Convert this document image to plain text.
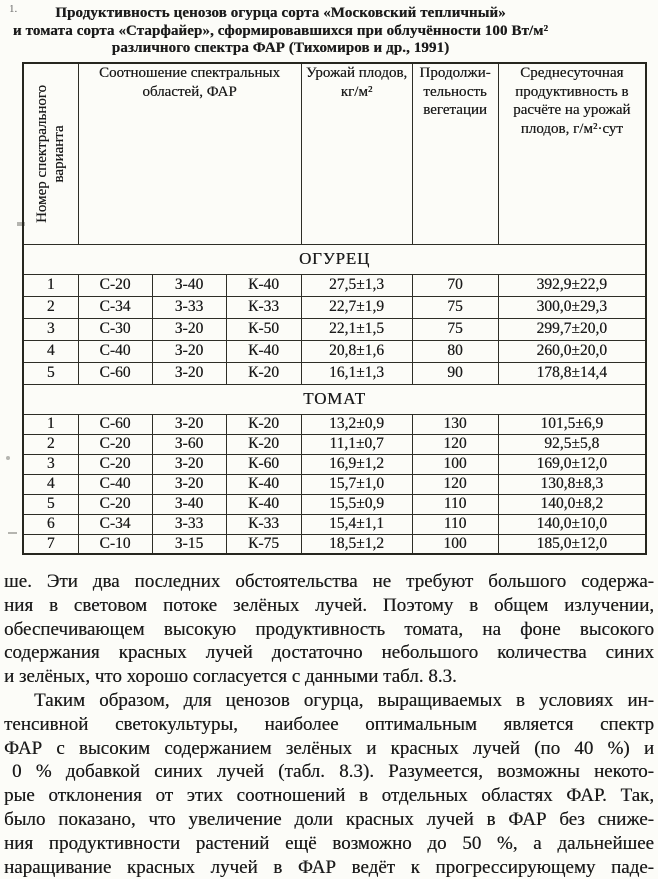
1.	Продуктивность ценозов огурца сорта «Московский тепличный»
и томата сорта «Старфайер», сформировавшихся при облучённости 100 Вт/м²
различного спектра ФАР (Тихомиров и др., 1991)
Номер спектрального варианта	Соотношение спектральных областей, ФАР			Урожай плодов, кг/м²	Продолжи-тельность вегетации	Среднесуточная продуктивность в расчёте на урожай плодов, г/м²·сут
ОГУРЕЦ						
1	С-20	З-40	К-40	27,5±1,3	70	392,9±22,9
2	С-34	З-33	К-33	22,7±1,9	75	300,0±29,3
3	С-30	З-20	К-50	22,1±1,5	75	299,7±20,0
4	С-40	З-20	К-40	20,8±1,6	80	260,0±20,0
5	С-60	З-20	К-20	16,1±1,3	90	178,8±14,4
ТОМАТ						
1	С-60	З-20	К-20	13,2±0,9	130	101,5±6,9
2	С-20	З-60	К-20	11,1±0,7	120	92,5±5,8
3	С-20	З-20	К-60	16,9±1,2	100	169,0±12,0
4	С-40	З-20	К-40	15,7±1,0	120	130,8±8,3
5	С-20	З-40	К-40	15,5±0,9	110	140,0±8,2
6	С-34	З-33	К-33	15,4±1,1	110	140,0±10,0
7	С-10	З-15	К-75	18,5±1,2	100	185,0±12,0
ше. Эти два последних обстоятельства не требуют большого содержа-
ния в световом потоке зелёных лучей. Поэтому в общем излучении,
обеспечивающем высокую продуктивность томата, на фоне высокого
содержания красных лучей достаточно небольшого количества синих
и зелёных, что хорошо согласуется с данными табл. 8.3.
Таким образом, для ценозов огурца, выращиваемых в условиях ин-
тенсивной светокультуры, наиболее оптимальным является спектр
ФАР с высоким содержанием зелёных и красных лучей (по 40 %) и
0 % добавкой синих лучей (табл. 8.3). Разумеется, возможны некото-
рые отклонения от этих соотношений в отдельных областях ФАР. Так,
было показано, что увеличение доли красных лучей в ФАР без сниже-
ния продуктивности растений ещё возможно до 50 %, а дальнейшее
наращивание красных лучей в ФАР ведёт к прогрессирующему паде-
